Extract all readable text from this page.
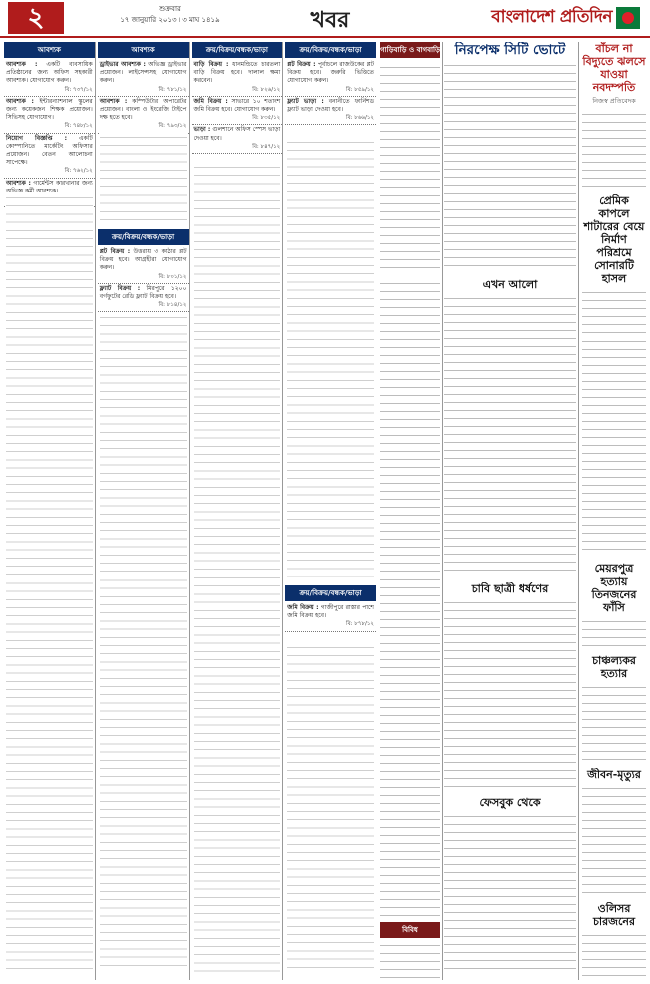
২	শুক্রবার
১৭ জানুয়ারি ২০১৩ ৷ ৩ মাঘ ১৪১৯	খবর	বাংলাদেশ প্রতিদিন
আবশ্যক
আবশ্যক : একটি ব্যবসায়িক প্রতিষ্ঠানের জন্য অফিস সহকারী আবশ্যক। যোগাযোগ করুন।
বি: ৭৩৭/১২
আবশ্যক : ইন্টারন্যাশনাল স্কুলের জন্য কয়েকজন শিক্ষক প্রয়োজন। সিভিসহ যোগাযোগ।
বি: ৭৪৮/১২
নিয়োগ বিজ্ঞপ্তি : একটি কোম্পানিতে মার্কেটিং অফিসার প্রয়োজন। বেতন আলোচনা সাপেক্ষে।
বি: ৭৬২/১২
আবশ্যক : গার্মেন্টস কারখানার জন্য
আবশ্যক
ড্রাইভার আবশ্যক : অভিজ্ঞ ড্রাইভার প্রয়োজন। লাইসেন্সসহ যোগাযোগ করুন।
বি: ৭৮১/১২
আবশ্যক : কম্পিউটার অপারেটর প্রয়োজন। বাংলা ও ইংরেজি টাইপে দক্ষ হতে হবে।
বি: ৭৯৩/১২
ক্রয়/বিক্রয়/বন্ধক/ভাড়া
প্লট বিক্রয় : উত্তরায় ৩ কাঠার প্লট বিক্রয় হবে। আগ্রহীরা যোগাযোগ করুন।
বি: ৮০১/১২
ফ্ল্যাট বিক্রয় : মিরপুরে ১২০০ বর্গফুটের রেডি ফ্ল্যাট বিক্রয় হবে।
বি: ৮১৪/১২
ক্রয়/বিক্রয়/বন্ধক/ভাড়া
বাড়ি বিক্রয় : ধানমন্ডিতে চারতলা বাড়ি বিক্রয় হবে। দালাল ক্ষমা করবেন।
বি: ৮২৬/১২
জমি বিক্রয় : সাভারে ১০ শতাংশ জমি বিক্রয় হবে। যোগাযোগ করুন।
বি: ৮৩৫/১২
ভাড়া : গুলশানে অফিস স্পেস ভাড়া দেওয়া হবে।
বি: ৮৪৭/১২
ক্রয়/বিক্রয়/বন্ধক/ভাড়া
প্লট বিক্রয় : পূর্বাচলে রাজউকের প্লট বিক্রয় হবে। জরুরি ভিত্তিতে যোগাযোগ করুন।
বি: ৮৫৯/১২
ফ্ল্যাট ভাড়া : বনানীতে ফার্নিশড ফ্ল্যাট ভাড়া দেওয়া হবে।
বি: ৮৬৬/১২
ক্রয়/বিক্রয়/বন্ধক/ভাড়া
জমি বিক্রয় : গাজীপুরে রাস্তার পাশে জমি বিক্রয় হবে।
বি: ৮৭৮/১২
গাড়িবাড়ি ও বাগবাড়ি	নিরপেক্ষ সিটি ভোটে	বাঁচল না বিদ্যুতে ঝলসে যাওয়া নবদম্পতি
নিজস্ব প্রতিবেদক
প্রেমিক কাপলে শাটারের বেয়ে নির্মাণ পরিশ্রমে সোনারটি হাসল
মেয়রপুত্র হত্যায় তিনজনের ফাঁসি
চাঞ্চল্যকর হত্যার
জীবন-মৃত্যুর
ওলিসর চারজনের
বিবিধ
এখন আলো
চাবি ছাত্রী ধর্ষণের
ফেসবুক থেকে
